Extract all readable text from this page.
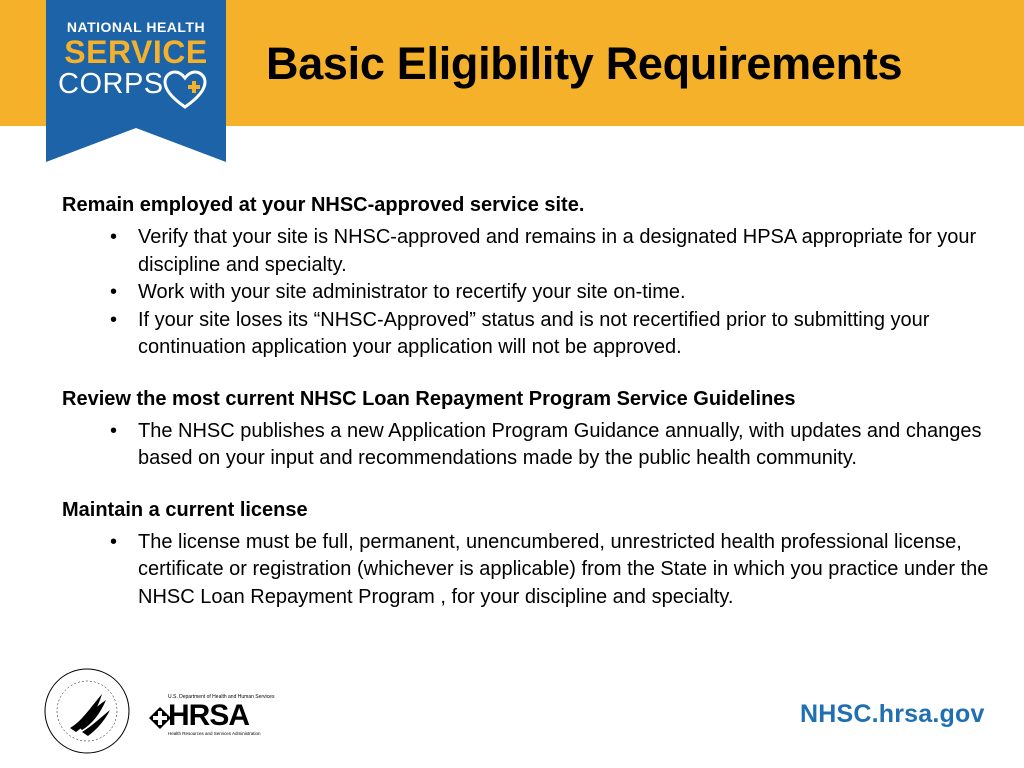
NATIONAL HEALTH
SERVICE
CORPS Basic Eligibility Requirements

Remain employed at your NHSC-approved service site.

• Verify that your site is NHSC-approved and remains in a designated HPSA appropriate for your discipline and specialty.
• Work with your site administrator to recertify your site on-time.
• If your site loses its “NHSC-Approved” status and is not recertified prior to submitting your continuation application your application will not be approved.

Review the most current NHSC Loan Repayment Program Service Guidelines

• The NHSC publishes a new Application Program Guidance annually, with updates and changes based on your input and recommendations made by the public health community.

Maintain a current license

• The license must be full, permanent, unencumbered, unrestricted health professional license, certificate or registration (whichever is applicable) from the State in which you practice under the NHSC Loan Repayment Program , for your discipline and specialty.
U.S. Department of Health and Human Services
HRSA
Health Resources and Services Administration
NHSC.hrsa.gov
